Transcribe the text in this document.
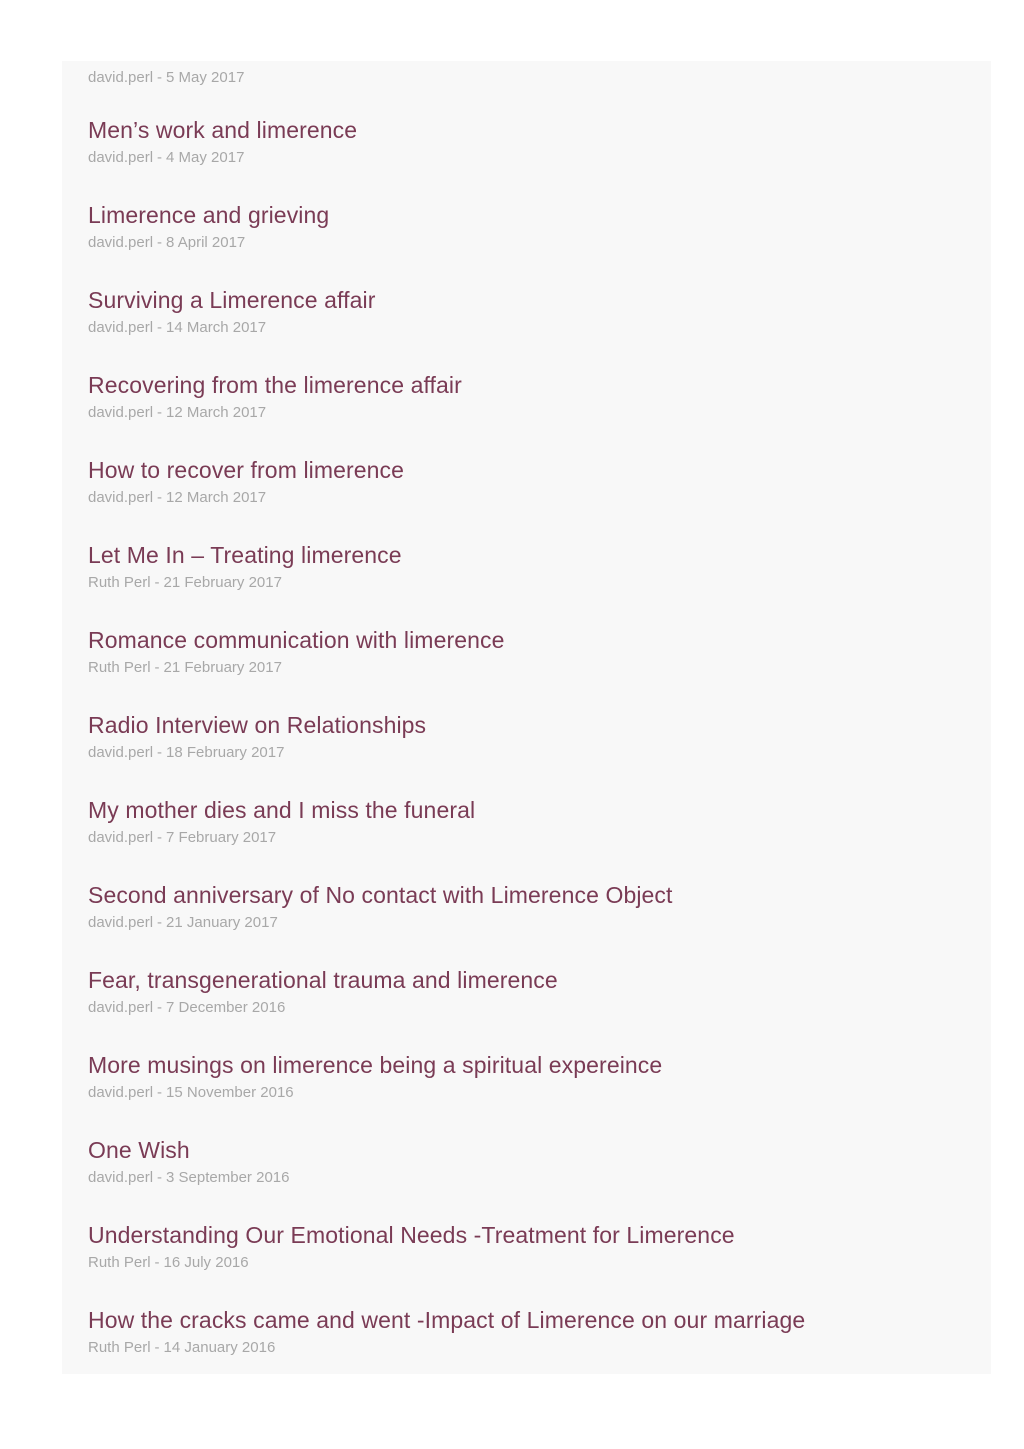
david.perl - 5 May 2017
Men’s work and limerence
david.perl - 4 May 2017
Limerence and grieving
david.perl - 8 April 2017
Surviving a Limerence affair
david.perl - 14 March 2017
Recovering from the limerence affair
david.perl - 12 March 2017
How to recover from limerence
david.perl - 12 March 2017
Let Me In – Treating limerence
Ruth Perl - 21 February 2017
Romance communication with limerence
Ruth Perl - 21 February 2017
Radio Interview on Relationships
david.perl - 18 February 2017
My mother dies and I miss the funeral
david.perl - 7 February 2017
Second anniversary of No contact with Limerence Object
david.perl - 21 January 2017
Fear, transgenerational trauma and limerence
david.perl - 7 December 2016
More musings on limerence being a spiritual expereince
david.perl - 15 November 2016
One Wish
david.perl - 3 September 2016
Understanding Our Emotional Needs -Treatment for Limerence
Ruth Perl - 16 July 2016
How the cracks came and went -Impact of Limerence on our marriage
Ruth Perl - 14 January 2016
